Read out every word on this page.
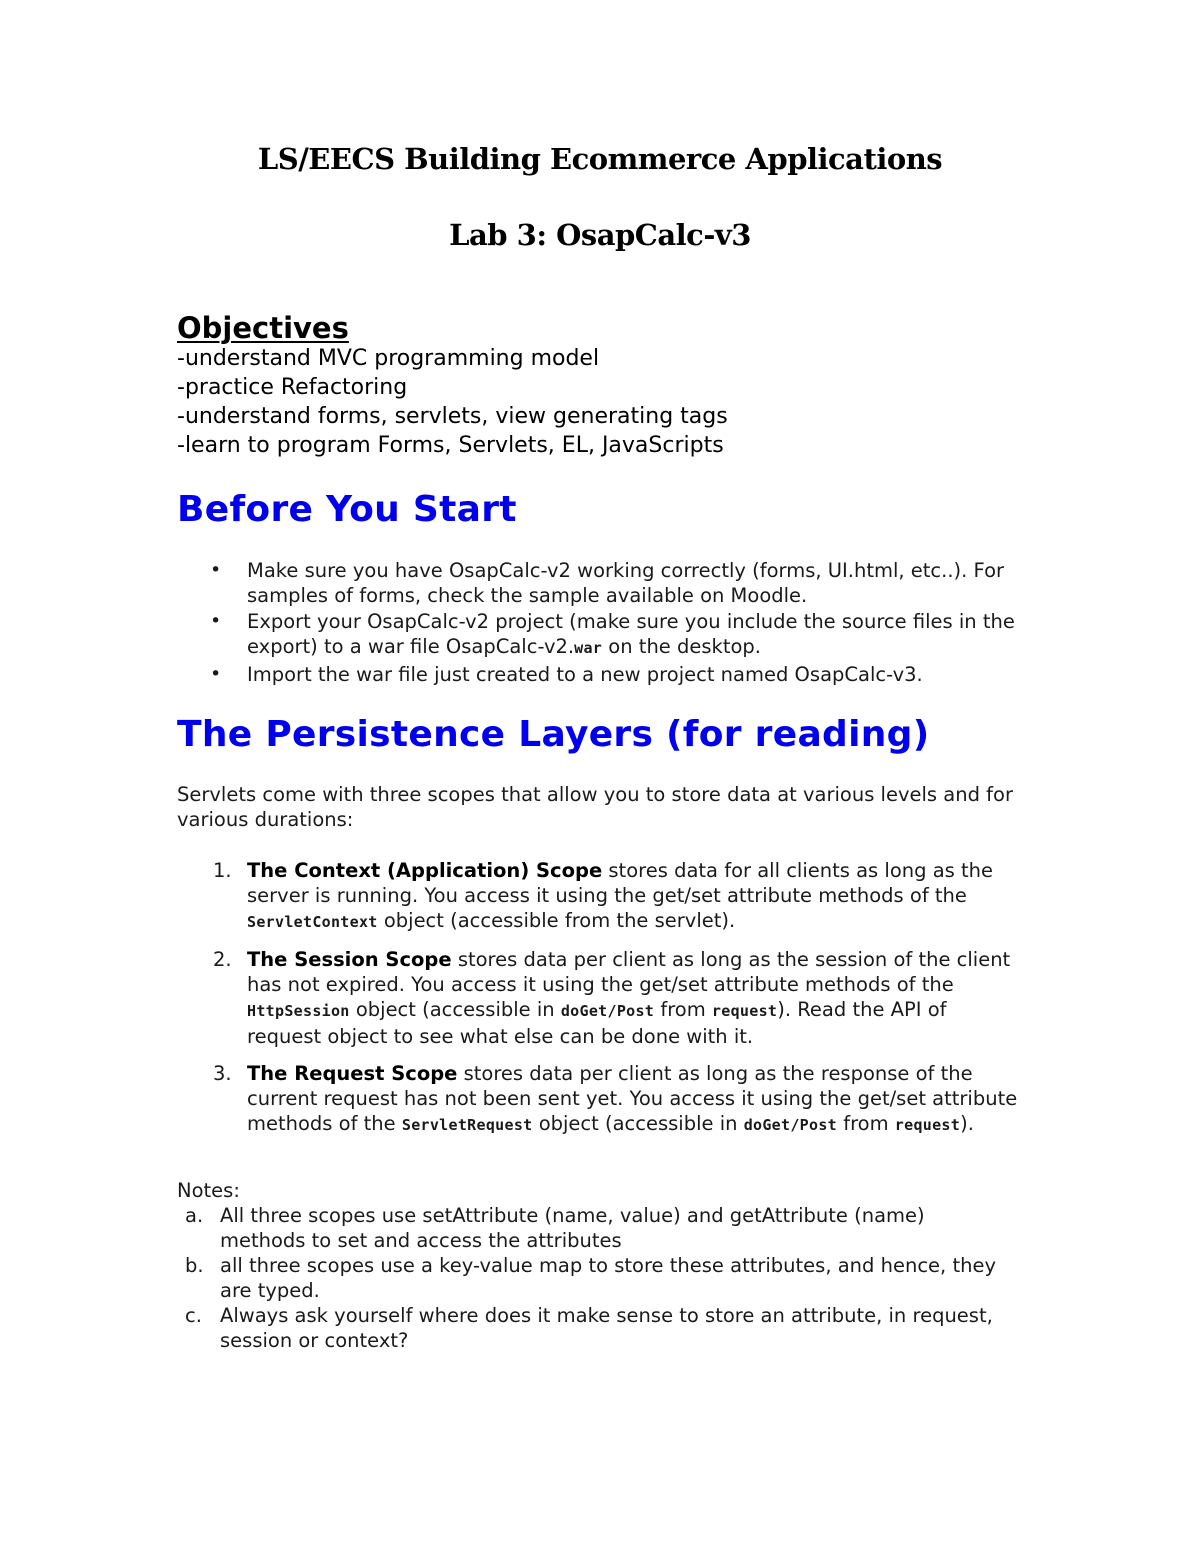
LS/EECS Building Ecommerce Applications
Lab 3: OsapCalc-v3
Objectives
-understand MVC programming model
-practice Refactoring
-understand forms, servlets, view generating tags
-learn to program Forms, Servlets, EL, JavaScripts
Before You Start
• Make sure you have OsapCalc-v2 working correctly (forms, UI.html, etc..). For samples of forms, check the sample available on Moodle.
• Export your OsapCalc-v2 project (make sure you include the source files in the export) to a war file OsapCalc-v2.war on the desktop.
• Import the war file just created to a new project named OsapCalc-v3.
The Persistence Layers (for reading)

Servlets come with three scopes that allow you to store data at various levels and for various durations:

1. The Context (Application) Scope stores data for all clients as long as the server is running. You access it using the get/set attribute methods of the ServletContext object (accessible from the servlet).
2. The Session Scope stores data per client as long as the session of the client has not expired. You access it using the get/set attribute methods of the HttpSession object (accessible in doGet/Post from request). Read the API of request object to see what else can be done with it.
3. The Request Scope stores data per client as long as the response of the current request has not been sent yet. You access it using the get/set attribute methods of the ServletRequest object (accessible in doGet/Post from request).

Notes:

a. All three scopes use setAttribute (name, value) and getAttribute (name) methods to set and access the attributes
b. all three scopes use a key-value map to store these attributes, and hence, they are typed.
c. Always ask yourself where does it make sense to store an attribute, in request, session or context?
